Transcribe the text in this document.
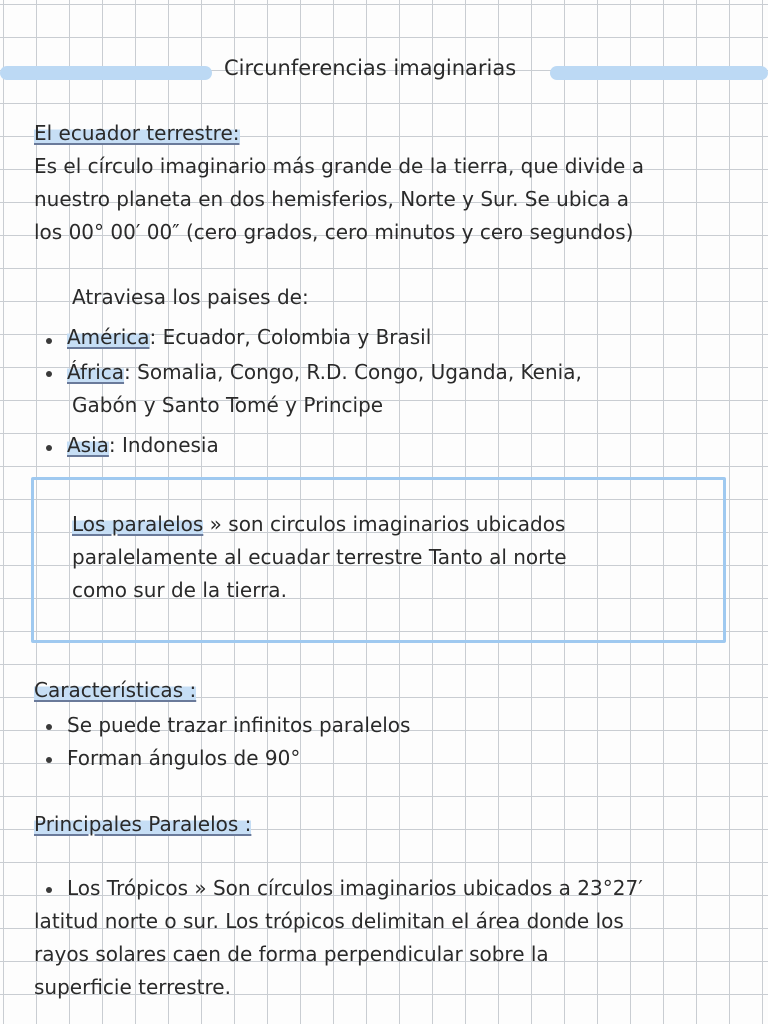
Circunferencias imaginarias
El ecuador terrestre:
Es el círculo imaginario más grande de la tierra, que divide a
nuestro planeta en dos hemisferios, Norte y Sur. Se ubica a
los 00° 00′ 00″ (cero grados, cero minutos y cero segundos)
Atraviesa los paises de:
América: Ecuador, Colombia y Brasil
África: Somalia, Congo, R.D. Congo, Uganda, Kenia,
Gabón y Santo Tomé y Principe
Asia: Indonesia
Los paralelos » son circulos imaginarios ubicados
paralelamente al ecuadar terrestre Tanto al norte
como sur de la tierra.
Características :
Se puede trazar infinitos paralelos
Forman ángulos de 90°
Principales Paralelos :
Los Trópicos » Son círculos imaginarios ubicados a 23°27′
latitud norte o sur. Los trópicos delimitan el área donde los
rayos solares caen de forma perpendicular sobre la
superficie terrestre.
